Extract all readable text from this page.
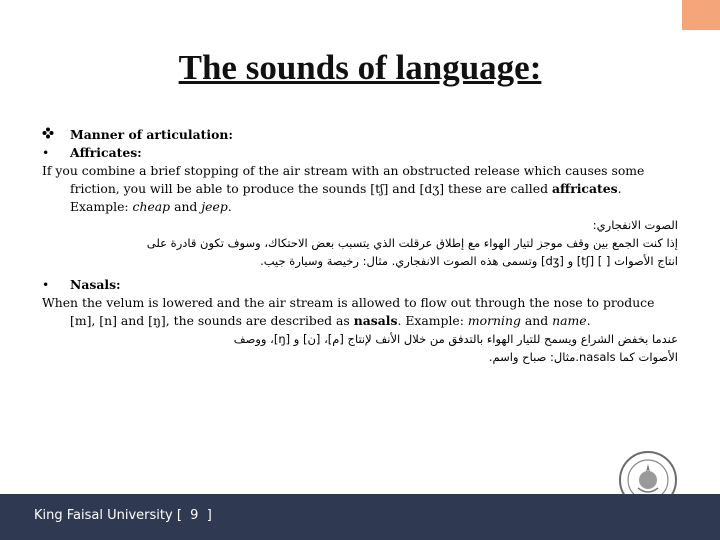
The sounds of language:
Manner of articulation:
•	Affricates:
If you combine a brief stopping of the air stream with an obstructed release which causes some
friction, you will be able to produce the sounds [tʃ] and [dʒ] these are called affricates.
Example: cheap and jeep.
الصوت الانفجاري:
إذا كنت الجمع بين وقف موجز لتيار الهواء مع إطلاق عرقلت الذي يتسبب بعض الاحتكاك، وسوف تكون قادرة على
انتاج الأصوات [ ] [tʃ] و [dʒ] وتسمى هذه الصوت الانفجاري. مثال: رخيصة وسيارة جيب.
•	Nasals:
When the velum is lowered and the air stream is allowed to flow out through the nose to produce
[m], [n] and [ŋ], the sounds are described as nasals. Example: morning and name.
عندما بخفض الشراع ويسمح للتيار الهواء بالتدفق من خلال الأنف لإنتاج [م]، [ن] و [ŋ]، ووصف
الأصوات كما nasals.مثال: صباح واسم.
King Faisal University [ 9 ]
